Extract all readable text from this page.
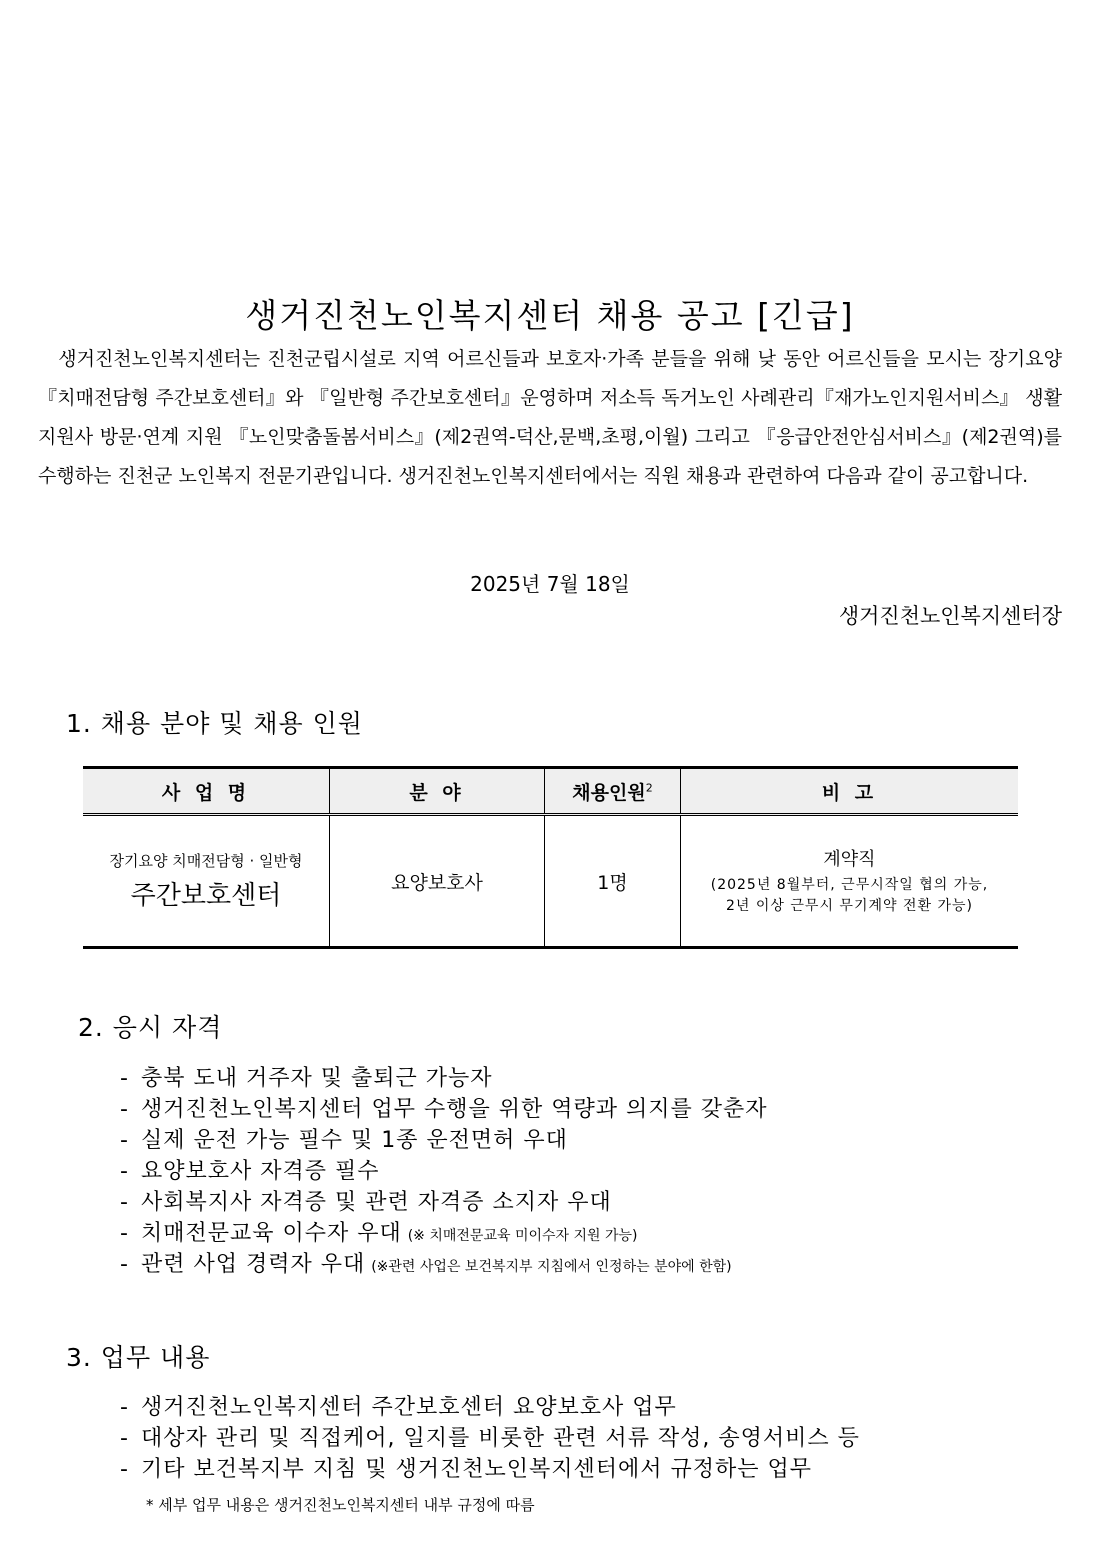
생거진천노인복지센터 채용 공고 [긴급]

　생거진천노인복지센터는 진천군립시설로 지역 어르신들과 보호자·가족 분들을 위해 낮 동안 어르신들을 모시는 장기요양『치매전담형 주간보호센터』와 『일반형 주간보호센터』운영하며 저소득 독거노인 사례관리『재가노인지원서비스』 생활지원사 방문·연계 지원 『노인맞춤돌봄서비스』(제2권역-덕산,문백,초평,이월) 그리고 『응급안전안심서비스』(제2권역)를 수행하는 진천군 노인복지 전문기관입니다. 생거진천노인복지센터에서는 직원 채용과 관련하여 다음과 같이 공고합니다.

2025년 7월 18일
생거진천노인복지센터장
1. 채용 분야 및 채용 인원
사 업 명	분 야	채용인원$^2$	비 고

장기요양 치매전담형 · 일반형
주간보호센터	요양보호사	1명	계약직
(2025년 8월부터, 근무시작일 협의 가능,
2년 이상 근무시 무기계약 전환 가능)
2. 응시 자격
- 충북 도내 거주자 및 출퇴근 가능자
- 생거진천노인복지센터 업무 수행을 위한 역량과 의지를 갖춘자
- 실제 운전 가능 필수 및 1종 운전면허 우대
- 요양보호사 자격증 필수
- 사회복지사 자격증 및 관련 자격증 소지자 우대
- 치매전문교육 이수자 우대 (※ 치매전문교육 미이수자 지원 가능)
- 관련 사업 경력자 우대 (※관련 사업은 보건복지부 지침에서 인정하는 분야에 한함)
3. 업무 내용
- 생거진천노인복지센터 주간보호센터 요양보호사 업무
- 대상자 관리 및 직접케어, 일지를 비롯한 관련 서류 작성, 송영서비스 등
- 기타 보건복지부 지침 및 생거진천노인복지센터에서 규정하는 업무
* 세부 업무 내용은 생거진천노인복지센터 내부 규정에 따름
